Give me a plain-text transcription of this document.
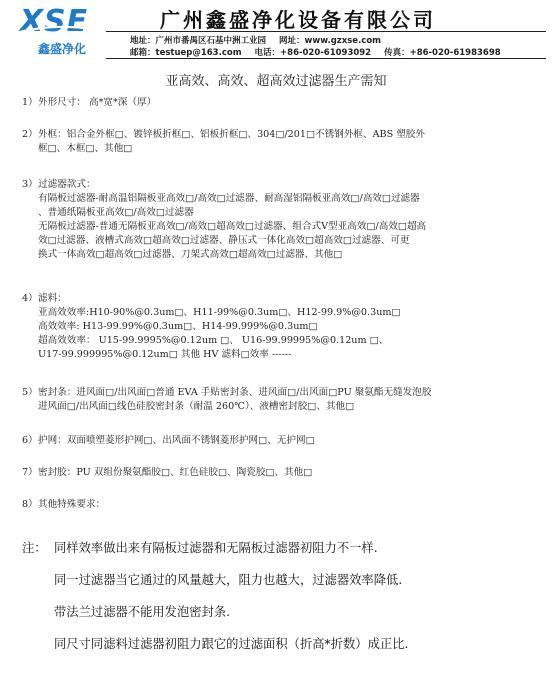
XSE
鑫盛净化
广州鑫盛净化设备有限公司
地址：广州市番禺区石基中洲工业园 网址：www.gzxse.com
邮箱：testuep@163.com 电话：+86-020-61093092 传真：+86-020-61983698
亚高效、高效、超高效过滤器生产需知
1） 外形尺寸： 高*宽*深（厚）
2） 外框：铝合金外框□、镀锌板折框□、铝板折框□、304□/201□不锈钢外框、ABS 塑胶外
框□、木框□、其他□
3） 过滤器款式：
有隔板过滤器-耐高温铝隔板亚高效□/高效□过滤器、耐高湿铝隔板亚高效□/高效□过滤器
、普通纸隔板亚高效□/高效□过滤器
无隔板过滤器-普通无隔板亚高效□/高效□超高效□过滤器、组合式V型亚高效□/高效□超高
效□过滤器、液槽式高效□超高效□过滤器、静压式一体化高效□超高效□过滤器、可更
换式一体高效□超高效□过滤器、刀架式高效□超高效□过滤器、其他□
4） 滤料：
亚高效效率:H10-90%@0.3um□、H11-99%@0.3um□、H12-99.9%@0.3um□
高效效率: H13-99.99%@0.3um□、H14-99.999%@0.3um□
超高效效率： U15-99.9995%@0.12um □、 U16-99.99995%@0.12um □、
U17-99.999995%@0.12um□ 其他 HV 滤料□效率 ------
5） 密封条：进风面□/出风面□普通 EVA 手贴密封条、进风面□/出风面□PU 聚氨酯无缝发泡胶
进风面□/出风面□线色硅胶密封条（耐温 260℃）、液槽密封胶□、其他□
6） 护网：双面喷塑菱形护网□、出风面不锈钢菱形护网□、无护网□
7） 密封胶：PU 双组份聚氨酯胶□、红色硅胶□、陶瓷胶□、其他□
8） 其他特殊要求：
注： 同样效率做出来有隔板过滤器和无隔板过滤器初阻力不一样.
同一过滤器当它通过的风量越大，阻力也越大，过滤器效率降低.
带法兰过滤器不能用发泡密封条.
同尺寸同滤料过滤器初阻力跟它的过滤面积（折高*折数）成正比.
